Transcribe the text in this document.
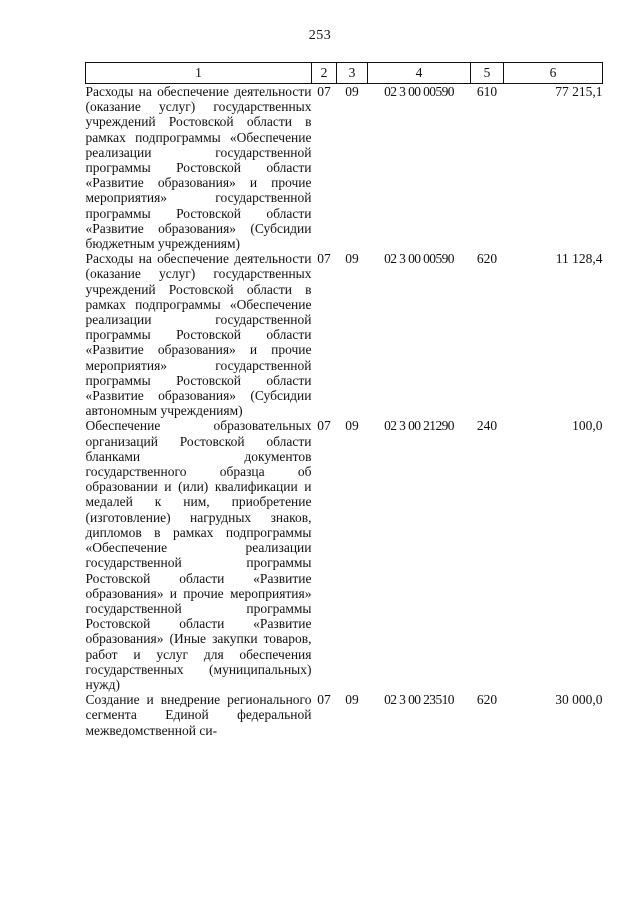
253
1	2	3	4	5	6
Расходы на обеспечение деятельности (оказание услуг) государственных учреждений Ростовской области в рамках подпрограммы «Обеспечение реализации государственной программы Ростовской области «Развитие образования» и прочие мероприятия» государственной программы Ростовской области «Развитие образования» (Субсидии бюджетным учреждениям)	07	09	02 3 00 00590	610	77 215,1
Расходы на обеспечение деятельности (оказание услуг) государственных учреждений Ростовской области в рамках подпрограммы «Обеспечение реализации государственной программы Ростовской области «Развитие образования» и прочие мероприятия» государственной программы Ростовской области «Развитие образования» (Субсидии автономным учреждениям)	07	09	02 3 00 00590	620	11 128,4
Обеспечение образовательных организаций Ростовской области бланками документов государственного образца об образовании и (или) квалификации и медалей к ним, приобретение (изготовление) нагрудных знаков, дипломов в рамках подпрограммы «Обеспечение реализации государственной программы Ростовской области «Развитие образования» и прочие мероприятия» государственной программы Ростовской области «Развитие образования» (Иные закупки товаров, работ и услуг для обеспечения государственных (муниципальных) нужд)	07	09	02 3 00 21290	240	100,0
Создание и внедрение регионального сегмента Единой федеральной межведомственной си-	07	09	02 3 00 23510	620	30 000,0
